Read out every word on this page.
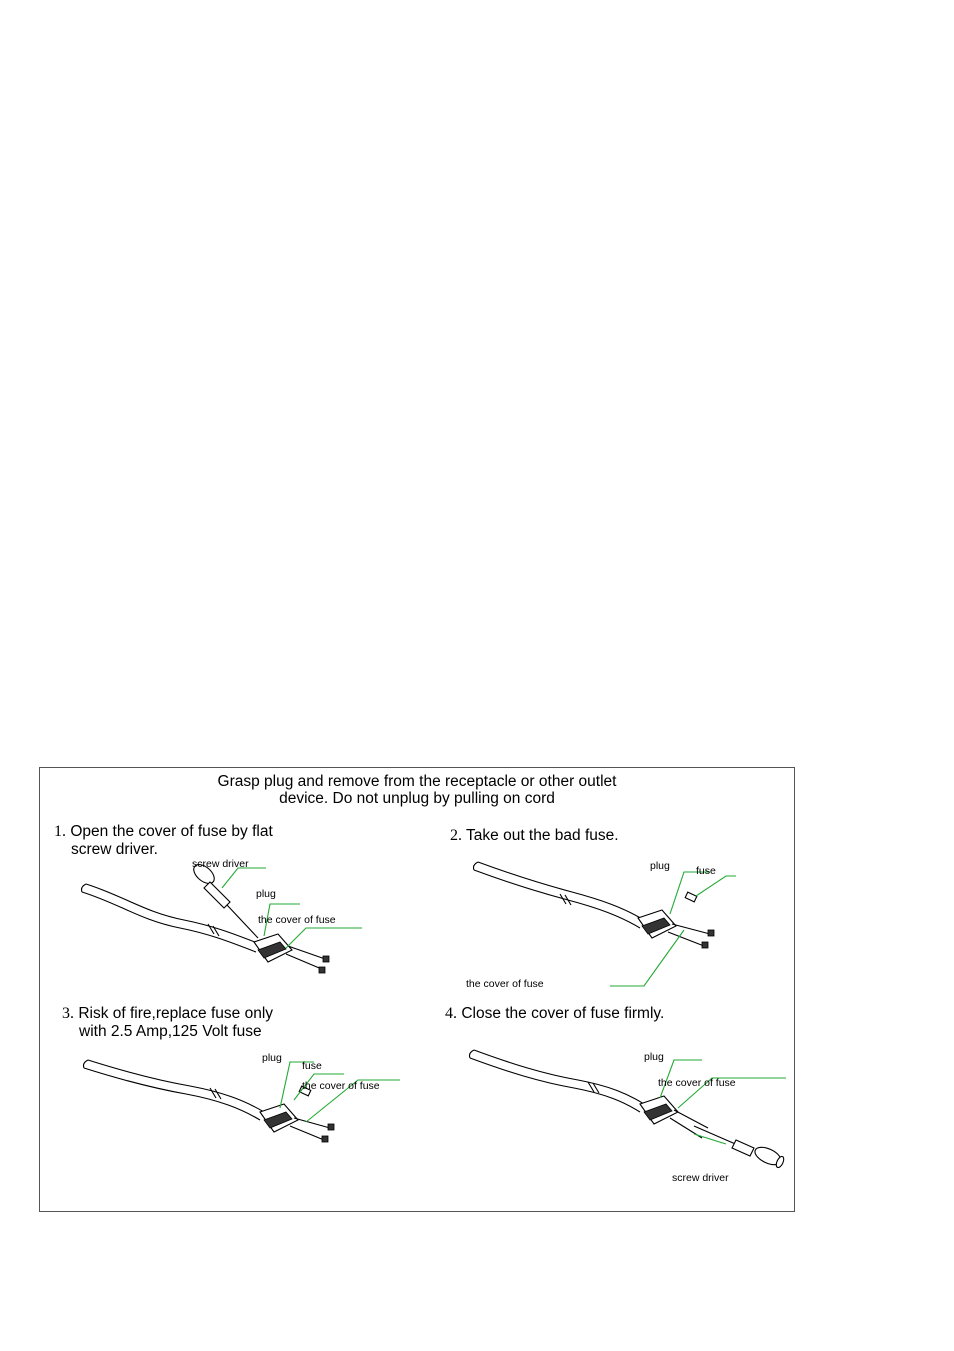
Grasp plug and remove from the receptacle or other outlet
device. Do not unplug by pulling on cord
1. Open the cover of fuse by flat
screw driver.
screw driver
plug
the cover of fuse
2. Take out the bad fuse.
plug fuse
the cover of fuse
3. Risk of fire,replace fuse only
with 2.5 Amp,125 Volt fuse
plug
fuse
the cover of fuse
4. Close the cover of fuse firmly.
plug
the cover of fuse
screw driver
